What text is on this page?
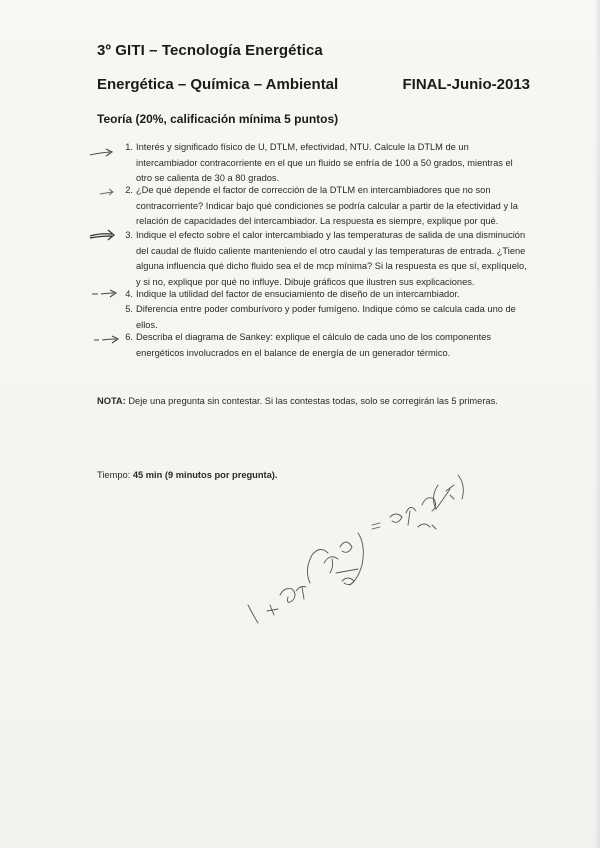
3º GITI – Tecnología Energética
Energética – Química – Ambiental	FINAL-Junio-2013
Teoría (20%, calificación mínima 5 puntos)
1. Interés y significado físico de U, DTLM, efectividad, NTU. Calcule la DTLM de un intercambiador contracorriente en el que un fluido se enfría de 100 a 50 grados, mientras el otro se calienta de 30 a 80 grados.
2. ¿De qué depende el factor de corrección de la DTLM en intercambiadores que no son contracorriente? Indicar bajo qué condiciones se podría calcular a partir de la efectividad y la relación de capacidades del intercambiador. La respuesta es siempre, explique por qué.
3. Indique el efecto sobre el calor intercambiado y las temperaturas de salida de una disminución del caudal de fluido caliente manteniendo el otro caudal y las temperaturas de entrada. ¿Tiene alguna influencia qué dicho fluido sea el de mcp mínima? Si la respuesta es que sí, explíquelo, y si no, explique por qué no influye. Dibuje gráficos que ilustren sus explicaciones.
4. Indique la utilidad del factor de ensuciamiento de diseño de un intercambiador.
5. Diferencia entre poder comburívoro y poder fumígeno. Indique cómo se calcula cada uno de ellos.
6. Describa el diagrama de Sankey: explique el cálculo de cada uno de los componentes energéticos involucrados en el balance de energía de un generador térmico.
NOTA: Deje una pregunta sin contestar. Si las contestas todas, solo se corregirán las 5 primeras.
Tiempo: 45 min (9 minutos por pregunta).
